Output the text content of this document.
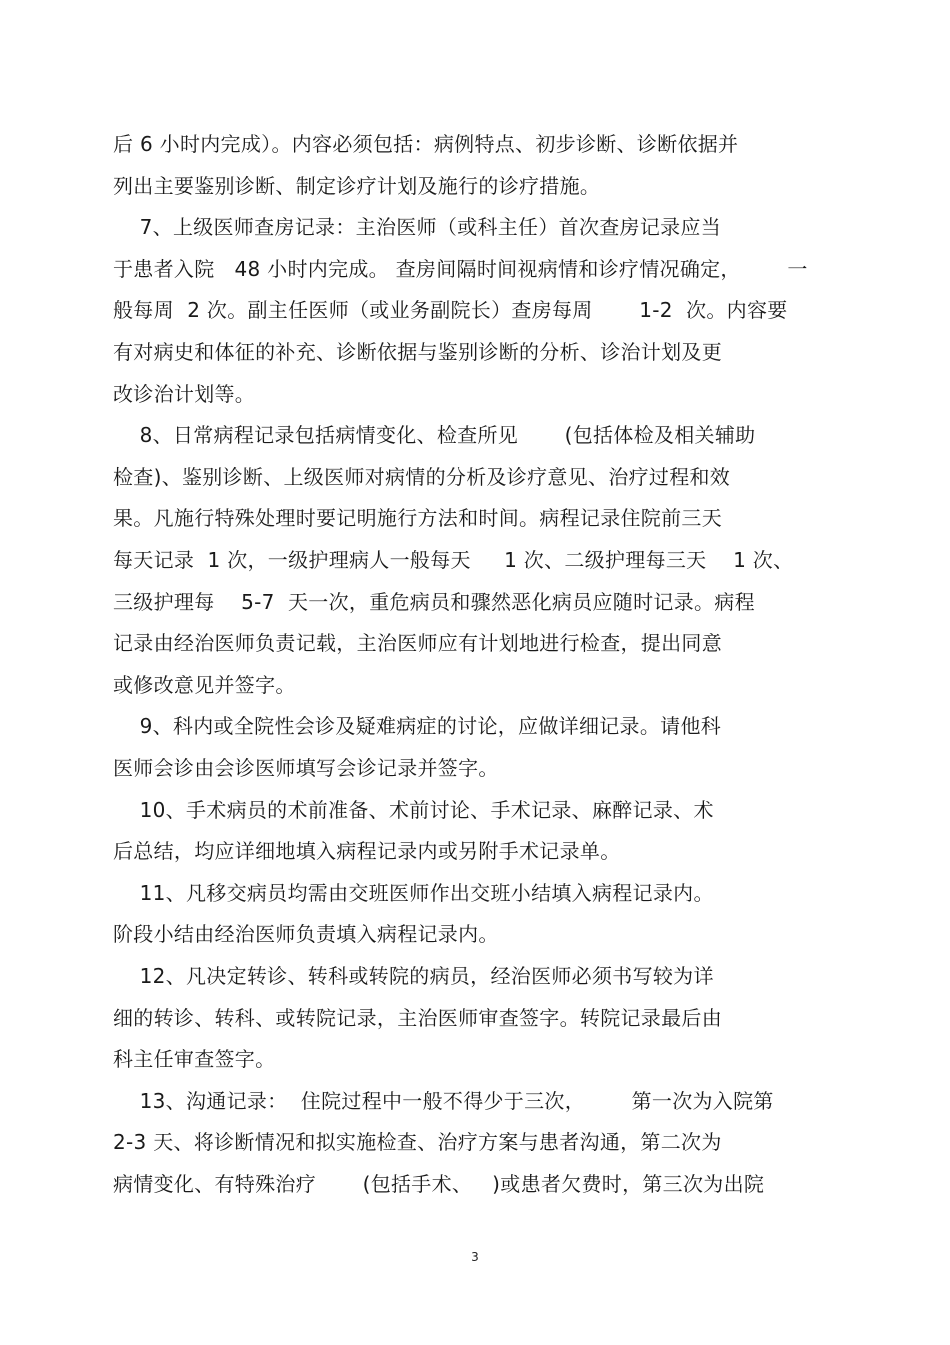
后 6 小时内完成）。内容必须包括：病例特点、初步诊断、诊断依据并
列出主要鉴别诊断、制定诊疗计划及施行的诊疗措施。
7、上级医师查房记录：主治医师（或科主任）首次查房记录应当
于患者入院   48 小时内完成。 查房间隔时间视病情和诊疗情况确定，       一
般每周  2 次。副主任医师（或业务副院长）查房每周       1-2  次。内容要
有对病史和体征的补充、诊断依据与鉴别诊断的分析、诊治计划及更
改诊治计划等。
8、日常病程记录包括病情变化、检查所见       (包括体检及相关辅助
检查)、鉴别诊断、上级医师对病情的分析及诊疗意见、治疗过程和效
果。凡施行特殊处理时要记明施行方法和时间。病程记录住院前三天
每天记录  1 次，一级护理病人一般每天     1 次、二级护理每三天    1 次、
三级护理每    5-7  天一次，重危病员和骤然恶化病员应随时记录。病程
记录由经治医师负责记载，主治医师应有计划地进行检查，提出同意
或修改意见并签字。
9、科内或全院性会诊及疑难病症的讨论，应做详细记录。请他科
医师会诊由会诊医师填写会诊记录并签字。
10、手术病员的术前准备、术前讨论、手术记录、麻醉记录、术
后总结，均应详细地填入病程记录内或另附手术记录单。
11、凡移交病员均需由交班医师作出交班小结填入病程记录内。
阶段小结由经治医师负责填入病程记录内。
12、凡决定转诊、转科或转院的病员，经治医师必须书写较为详
细的转诊、转科、或转院记录，主治医师审查签字。转院记录最后由
科主任审查签字。
13、沟通记录：  住院过程中一般不得少于三次，       第一次为入院第
2-3 天、将诊断情况和拟实施检查、治疗方案与患者沟通，第二次为
病情变化、有特殊治疗       (包括手术、   )或患者欠费时，第三次为出院
3
